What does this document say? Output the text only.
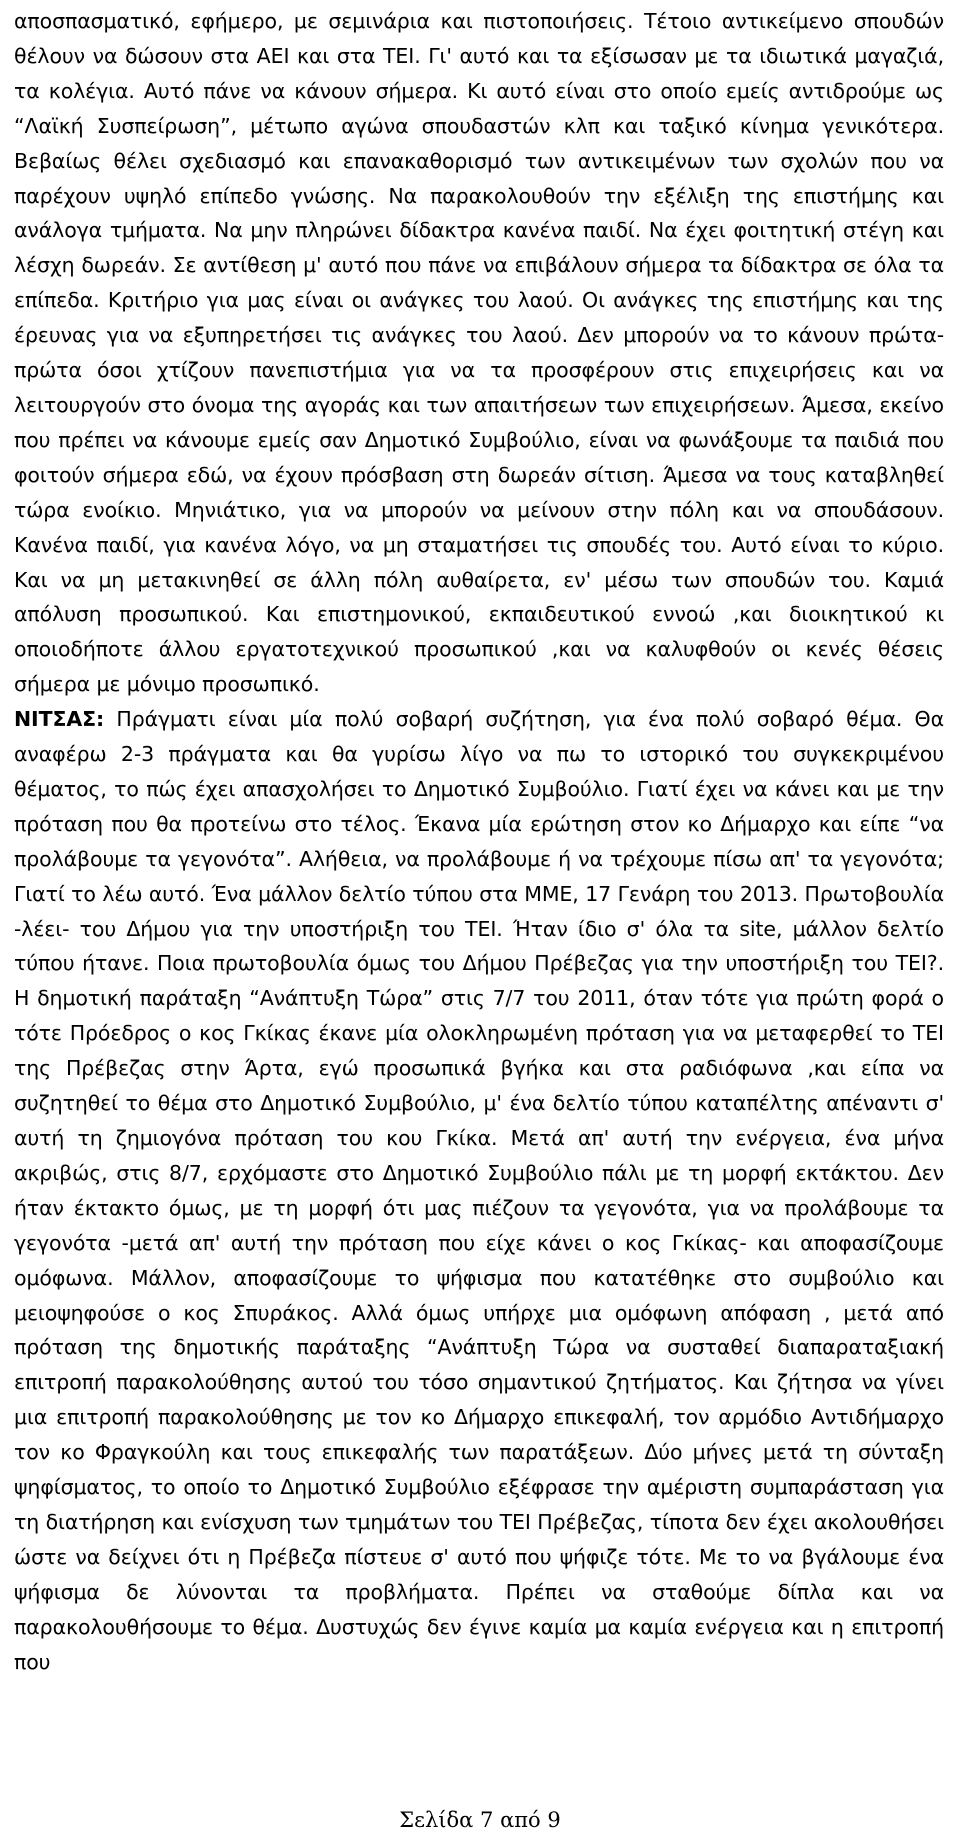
αποσπασματικό, εφήμερο, με σεμινάρια και πιστοποιήσεις. Τέτοιο αντικείμενο σπουδών θέλουν να δώσουν στα ΑΕΙ και στα ΤΕΙ. Γι' αυτό και τα εξίσωσαν με τα ιδιωτικά μαγαζιά, τα κολέγια. Αυτό πάνε να κάνουν σήμερα. Κι αυτό είναι στο οποίο εμείς αντιδρούμε ως “Λαϊκή Συσπείρωση”, μέτωπο αγώνα σπουδαστών κλπ και ταξικό κίνημα γενικότερα. Βεβαίως θέλει σχεδιασμό και επανακαθορισμό των αντικειμένων των σχολών που να παρέχουν υψηλό επίπεδο γνώσης. Να παρακολουθούν την εξέλιξη της επιστήμης και ανάλογα τμήματα. Να μην πληρώνει δίδακτρα κανένα παιδί. Να έχει φοιτητική στέγη και λέσχη δωρεάν. Σε αντίθεση μ' αυτό που πάνε να επιβάλουν σήμερα τα δίδακτρα σε όλα τα επίπεδα. Κριτήριο για μας είναι οι ανάγκες του λαού. Οι ανάγκες της επιστήμης και της έρευνας για να εξυπηρετήσει τις ανάγκες του λαού. Δεν μπορούν να το κάνουν πρώτα-πρώτα όσοι χτίζουν πανεπιστήμια για να τα προσφέρουν στις επιχειρήσεις και να λειτουργούν στο όνομα της αγοράς και των απαιτήσεων των επιχειρήσεων. Άμεσα, εκείνο που πρέπει να κάνουμε εμείς σαν Δημοτικό Συμβούλιο, είναι να φωνάξουμε τα παιδιά που φοιτούν σήμερα εδώ, να έχουν πρόσβαση στη δωρεάν σίτιση. Άμεσα να τους καταβληθεί τώρα ενοίκιο. Μηνιάτικο, για να μπορούν να μείνουν στην πόλη και να σπουδάσουν. Κανένα παιδί, για κανένα λόγο, να μη σταματήσει τις σπουδές του. Αυτό είναι το κύριο. Και να μη μετακινηθεί σε άλλη πόλη αυθαίρετα, εν' μέσω των σπουδών του. Καμιά απόλυση προσωπικού. Και επιστημονικού, εκπαιδευτικού εννοώ ,και διοικητικού κι οποιοδήποτε άλλου εργατοτεχνικού προσωπικού ,και να καλυφθούν οι κενές θέσεις σήμερα με μόνιμο προσωπικό.

ΝΙΤΣΑΣ: Πράγματι είναι μία πολύ σοβαρή συζήτηση, για ένα πολύ σοβαρό θέμα. Θα αναφέρω 2-3 πράγματα και θα γυρίσω λίγο να πω το ιστορικό του συγκεκριμένου θέματος, το πώς έχει απασχολήσει το Δημοτικό Συμβούλιο. Γιατί έχει να κάνει και με την πρόταση που θα προτείνω στο τέλος. Έκανα μία ερώτηση στον κο Δήμαρχο και είπε “να προλάβουμε τα γεγονότα”. Αλήθεια, να προλάβουμε ή να τρέχουμε πίσω απ' τα γεγονότα; Γιατί το λέω αυτό. Ένα μάλλον δελτίο τύπου στα ΜΜΕ, 17 Γενάρη του 2013. Πρωτοβουλία -λέει- του Δήμου για την υποστήριξη του ΤΕΙ. Ήταν ίδιο σ' όλα τα site, μάλλον δελτίο τύπου ήτανε. Ποια πρωτοβουλία όμως του Δήμου Πρέβεζας για την υποστήριξη του ΤΕΙ?. Η δημοτική παράταξη “Ανάπτυξη Τώρα” στις 7/7 του 2011, όταν τότε για πρώτη φορά ο τότε Πρόεδρος ο κος Γκίκας έκανε μία ολοκληρωμένη πρόταση για να μεταφερθεί το ΤΕΙ της Πρέβεζας στην Άρτα, εγώ προσωπικά βγήκα και στα ραδιόφωνα ,και είπα να συζητηθεί το θέμα στο Δημοτικό Συμβούλιο, μ' ένα δελτίο τύπου καταπέλτης απέναντι σ' αυτή τη ζημιογόνα πρόταση του κου Γκίκα. Μετά απ' αυτή την ενέργεια, ένα μήνα ακριβώς, στις 8/7, ερχόμαστε στο Δημοτικό Συμβούλιο πάλι με τη μορφή εκτάκτου. Δεν ήταν έκτακτο όμως, με τη μορφή ότι μας πιέζουν τα γεγονότα, για να προλάβουμε τα γεγονότα -μετά απ' αυτή την πρόταση που είχε κάνει ο κος Γκίκας- και αποφασίζουμε ομόφωνα. Μάλλον, αποφασίζουμε το ψήφισμα που κατατέθηκε στο συμβούλιο και μειοψηφούσε ο κος Σπυράκος. Αλλά όμως υπήρχε μια ομόφωνη απόφαση , μετά από πρόταση της δημοτικής παράταξης “Ανάπτυξη Τώρα να συσταθεί διαπαραταξιακή επιτροπή παρακολούθησης αυτού του τόσο σημαντικού ζητήματος. Και ζήτησα να γίνει μια επιτροπή παρακολούθησης με τον κο Δήμαρχο επικεφαλή, τον αρμόδιο Αντιδήμαρχο τον κο Φραγκούλη και τους επικεφαλής των παρατάξεων. Δύο μήνες μετά τη σύνταξη ψηφίσματος, το οποίο το Δημοτικό Συμβούλιο εξέφρασε την αμέριστη συμπαράσταση για τη διατήρηση και ενίσχυση των τμημάτων του ΤΕΙ Πρέβεζας, τίποτα δεν έχει ακολουθήσει ώστε να δείχνει ότι η Πρέβεζα πίστευε σ' αυτό που ψήφιζε τότε. Με το να βγάλουμε ένα ψήφισμα δε λύνονται τα προβλήματα. Πρέπει να σταθούμε δίπλα και να παρακολουθήσουμε το θέμα. Δυστυχώς δεν έγινε καμία μα καμία ενέργεια και η επιτροπή που

Σελίδα 7 από 9
